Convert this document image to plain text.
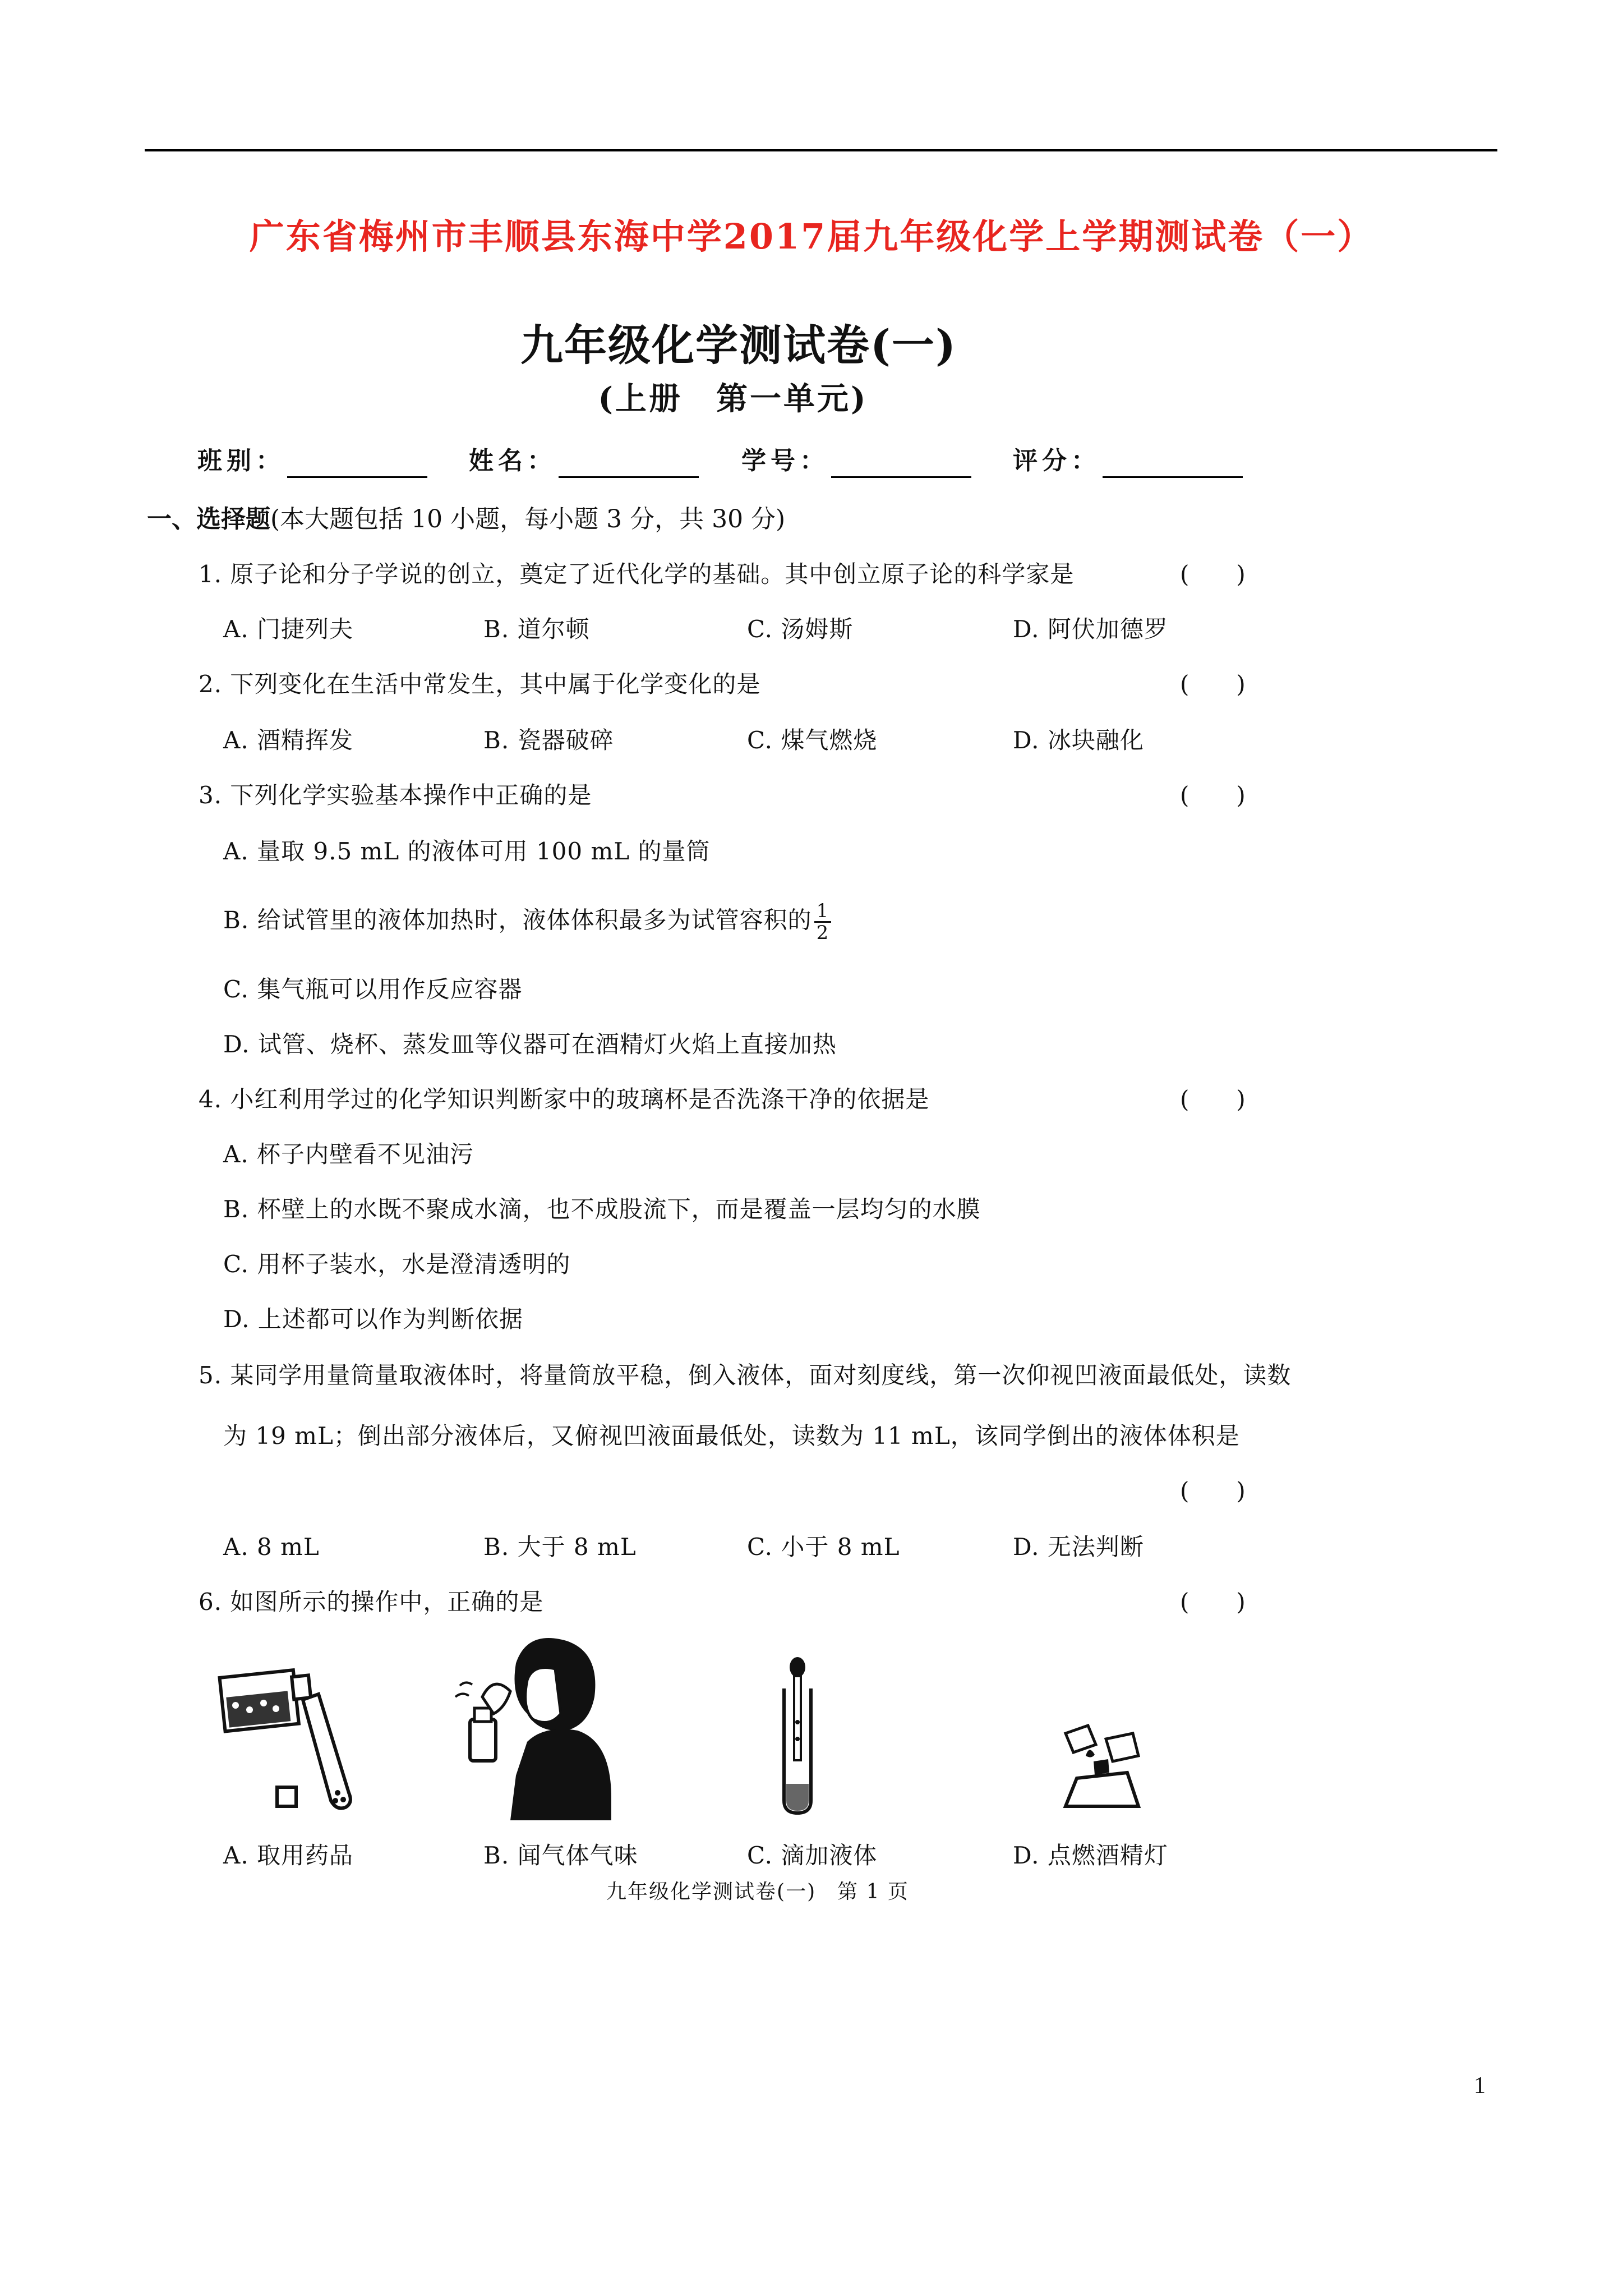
广东省梅州市丰顺县东海中学2017届九年级化学上学期测试卷（一）
九年级化学测试卷(一)
(上册　第一单元)
班别：	姓名：	学号：	评分：
一、选择题(本大题包括 10 小题，每小题 3 分，共 30 分)
1. 原子论和分子学说的创立，奠定了近代化学的基础。其中创立原子论的科学家是	(　　)
A. 门捷列夫	B. 道尔顿	C. 汤姆斯	D. 阿伏加德罗
2. 下列变化在生活中常发生，其中属于化学变化的是	(　　)
A. 酒精挥发	B. 瓷器破碎	C. 煤气燃烧	D. 冰块融化
3. 下列化学实验基本操作中正确的是	(　　)
A. 量取 9.5 mL 的液体可用 100 mL 的量筒
B. 给试管里的液体加热时，液体体积最多为试管容积的 $\frac{1}{2}$
C. 集气瓶可以用作反应容器
D. 试管、烧杯、蒸发皿等仪器可在酒精灯火焰上直接加热
4. 小红利用学过的化学知识判断家中的玻璃杯是否洗涤干净的依据是	(　　)
A. 杯子内壁看不见油污
B. 杯壁上的水既不聚成水滴，也不成股流下，而是覆盖一层均匀的水膜
C. 用杯子装水，水是澄清透明的
D. 上述都可以作为判断依据
5. 某同学用量筒量取液体时，将量筒放平稳，倒入液体，面对刻度线，第一次仰视凹液面最低处，读数
为 19 mL；倒出部分液体后，又俯视凹液面最低处，读数为 11 mL，该同学倒出的液体体积是
(　　)
A. 8 mL	B. 大于 8 mL	C. 小于 8 mL	D. 无法判断
6. 如图所示的操作中，正确的是	(　　)
A. 取用药品	B. 闻气体气味	C. 滴加液体	D. 点燃酒精灯
九年级化学测试卷(一)　第 1 页
1
